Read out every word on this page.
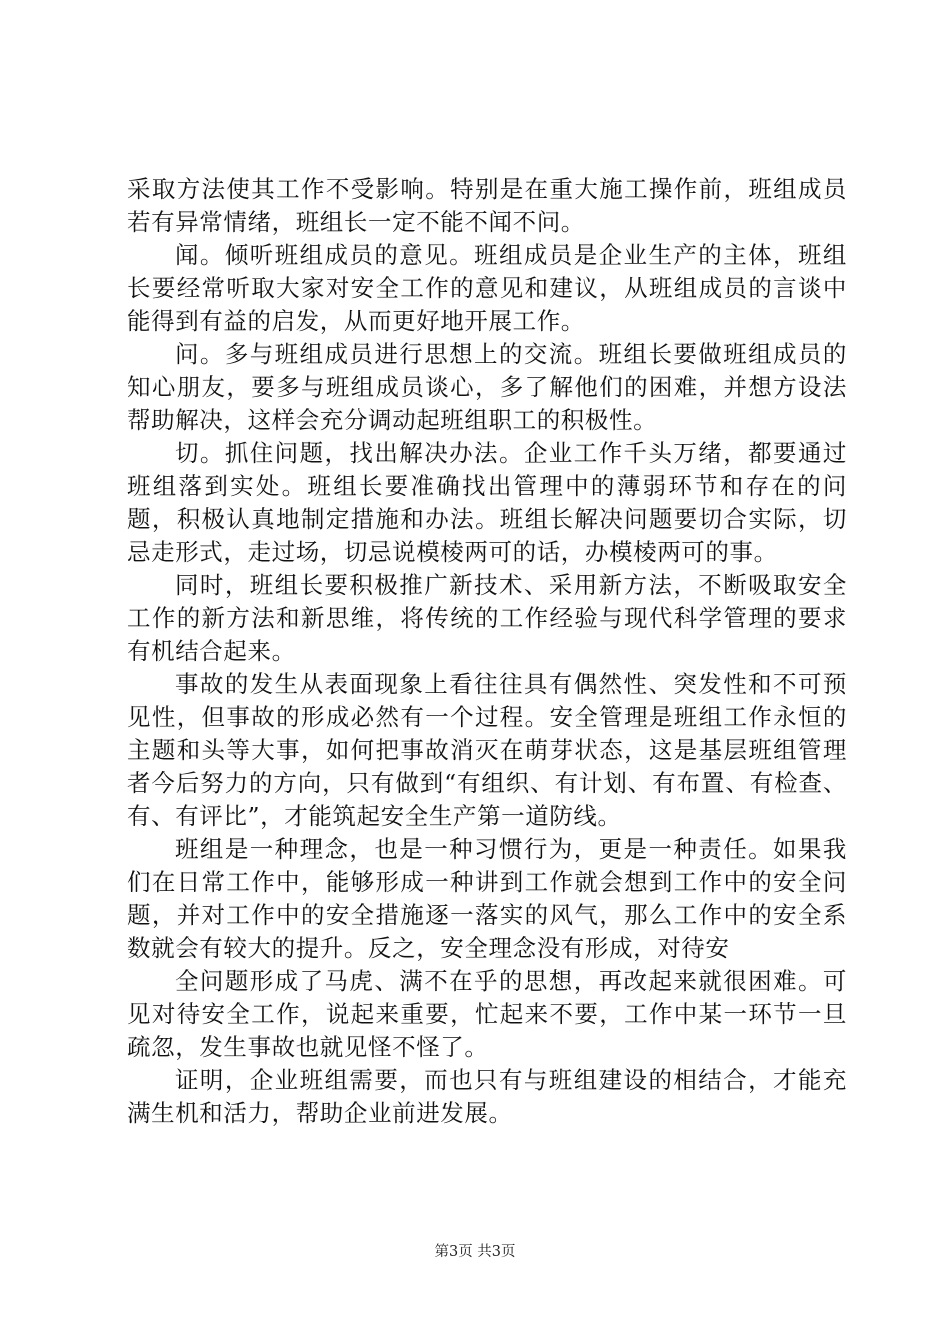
采取方法使其工作不受影响。特别是在重大施工操作前，班组成员若有异常情绪，班组长一定不能不闻不问。

闻。倾听班组成员的意见。班组成员是企业生产的主体，班组长要经常听取大家对安全工作的意见和建议，从班组成员的言谈中能得到有益的启发，从而更好地开展工作。

问。多与班组成员进行思想上的交流。班组长要做班组成员的知心朋友，要多与班组成员谈心，多了解他们的困难，并想方设法帮助解决，这样会充分调动起班组职工的积极性。

切。抓住问题，找出解决办法。企业工作千头万绪，都要通过班组落到实处。班组长要准确找出管理中的薄弱环节和存在的问题，积极认真地制定措施和办法。班组长解决问题要切合实际，切忌走形式，走过场，切忌说模棱两可的话，办模棱两可的事。

同时，班组长要积极推广新技术、采用新方法，不断吸取安全工作的新方法和新思维，将传统的工作经验与现代科学管理的要求有机结合起来。

事故的发生从表面现象上看往往具有偶然性、突发性和不可预见性，但事故的形成必然有一个过程。安全管理是班组工作永恒的主题和头等大事，如何把事故消灭在萌芽状态，这是基层班组管理者今后努力的方向，只有做到“有组织、有计划、有布置、有检查、有、有评比”，才能筑起安全生产第一道防线。

班组是一种理念，也是一种习惯行为，更是一种责任。如果我们在日常工作中，能够形成一种讲到工作就会想到工作中的安全问题，并对工作中的安全措施逐一落实的风气，那么工作中的安全系数就会有较大的提升。反之，安全理念没有形成，对待安

全问题形成了马虎、满不在乎的思想，再改起来就很困难。可见对待安全工作，说起来重要，忙起来不要，工作中某一环节一旦疏忽，发生事故也就见怪不怪了。

证明，企业班组需要，而也只有与班组建设的相结合，才能充满生机和活力，帮助企业前进发展。

第3页 共3页
